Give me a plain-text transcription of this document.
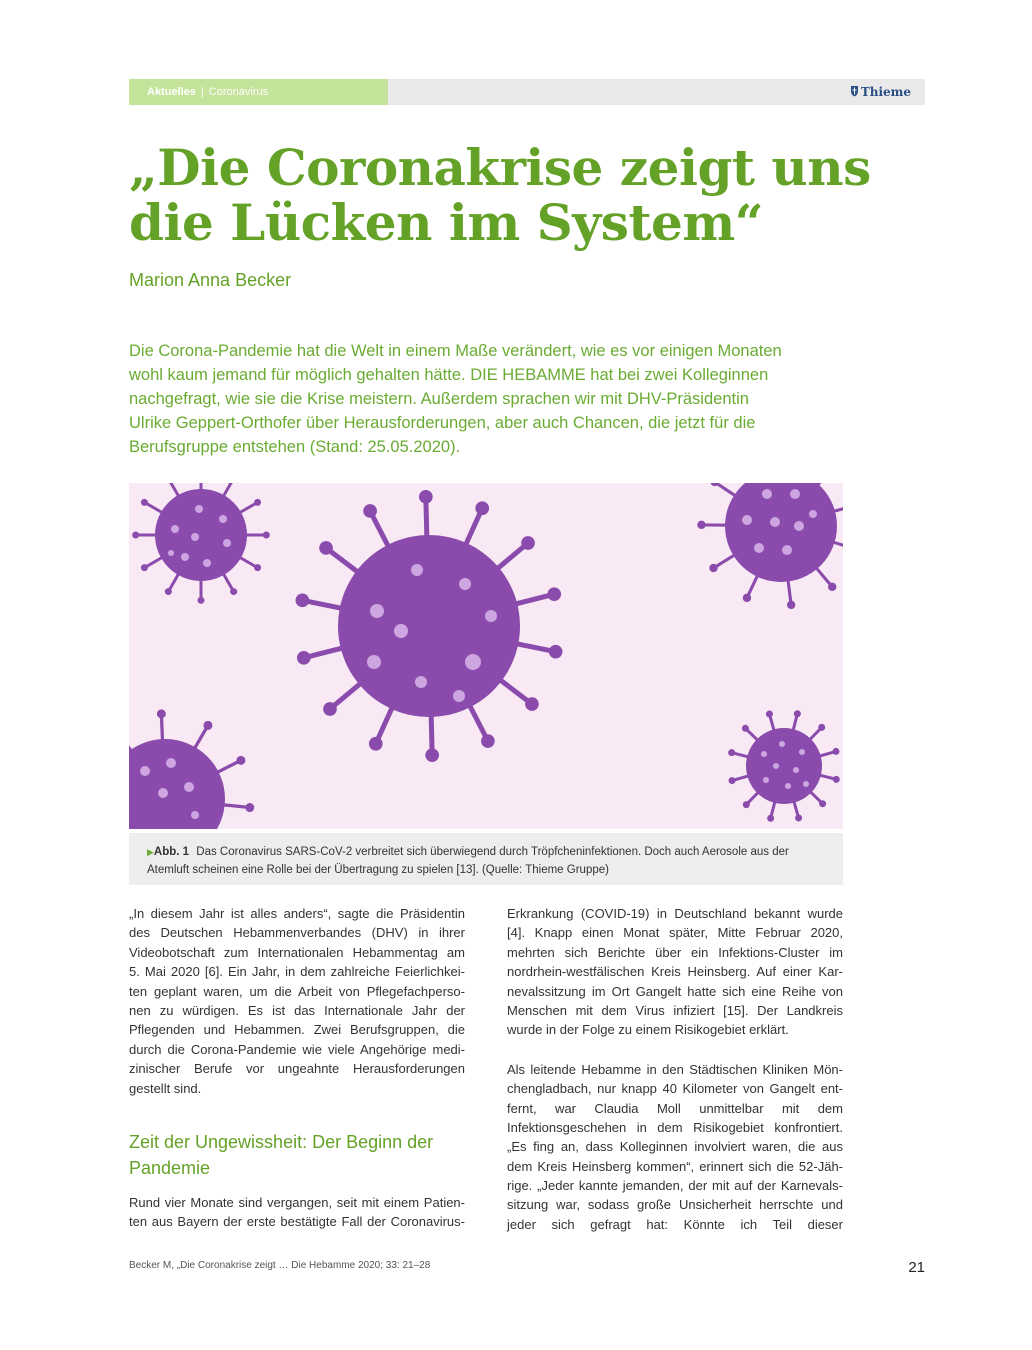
Aktuelles | Coronavirus	Thieme
„Die Coronakrise zeigt uns
die Lücken im System“
Marion Anna Becker
Die Corona-Pandemie hat die Welt in einem Maße verändert, wie es vor einigen Monaten
wohl kaum jemand für möglich gehalten hätte. DIE HEBAMME hat bei zwei Kolleginnen
nachgefragt, wie sie die Krise meistern. Außerdem sprachen wir mit DHV-Präsidentin
Ulrike Geppert-Orthofer über Herausforderungen, aber auch Chancen, die jetzt für die
Berufsgruppe entstehen (Stand: 25.05.2020).
▶Abb. 1 Das Coronavirus SARS-CoV-2 verbreitet sich überwiegend durch Tröpfcheninfektionen. Doch auch Aerosole aus der
Atemluft scheinen eine Rolle bei der Übertragung zu spielen [13]. (Quelle: Thieme Gruppe)
„In diesem Jahr ist alles anders“, sagte die Präsidentin
des Deutschen Hebammenverbandes (DHV) in ihrer
Videobotschaft zum Internationalen Hebammentag am
5. Mai 2020 [6]. Ein Jahr, in dem zahlreiche Feierlichkei-
ten geplant waren, um die Arbeit von Pflegefachperso-
nen zu würdigen. Es ist das Internationale Jahr der
Pflegenden und Hebammen. Zwei Berufsgruppen, die
durch die Corona-Pandemie wie viele Angehörige medi-
zinischer Berufe vor ungeahnte Herausforderungen
gestellt sind.
Zeit der Ungewissheit: Der Beginn der
Pandemie
Rund vier Monate sind vergangen, seit mit einem Patien-
ten aus Bayern der erste bestätigte Fall der Coronavirus-
Erkrankung (COVID-19) in Deutschland bekannt wurde
[4]. Knapp einen Monat später, Mitte Februar 2020,
mehrten sich Berichte über ein Infektions-Cluster im
nordrhein-westfälischen Kreis Heinsberg. Auf einer Kar-
nevalssitzung im Ort Gangelt hatte sich eine Reihe von
Menschen mit dem Virus infiziert [15]. Der Landkreis
wurde in der Folge zu einem Risikogebiet erklärt.
Als leitende Hebamme in den Städtischen Kliniken Mön-
chengladbach, nur knapp 40 Kilometer von Gangelt ent-
fernt, war Claudia Moll unmittelbar mit dem
Infektionsgeschehen in dem Risikogebiet konfrontiert.
„Es fing an, dass Kolleginnen involviert waren, die aus
dem Kreis Heinsberg kommen“, erinnert sich die 52-Jäh-
rige. „Jeder kannte jemanden, der mit auf der Karnevals-
sitzung war, sodass große Unsicherheit herrschte und
jeder sich gefragt hat: Könnte ich Teil dieser
Becker M, „Die Coronakrise zeigt … Die Hebamme 2020; 33: 21–28	21
